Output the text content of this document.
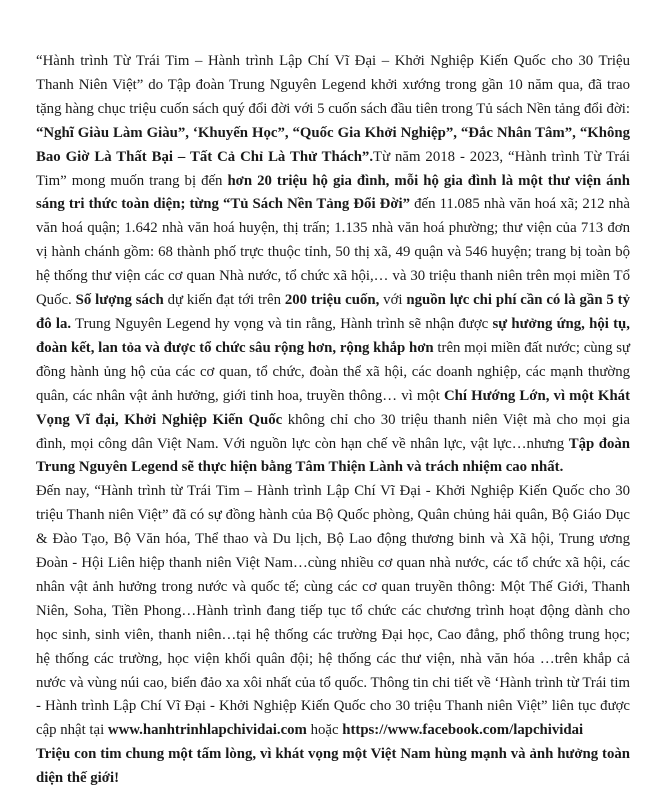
“Hành trình Từ Trái Tim – Hành trình Lập Chí Vĩ Đại – Khởi Nghiệp Kiến Quốc cho 30 Triệu Thanh Niên Việt” do Tập đoàn Trung Nguyên Legend khởi xướng trong gần 10 năm qua, đã trao tặng hàng chục triệu cuốn sách quý đổi đời với 5 cuốn sách đầu tiên trong Tủ sách Nền tảng đổi đời: “Nghĩ Giàu Làm Giàu”, ‘Khuyến Học”, “Quốc Gia Khởi Nghiệp”, “Đắc Nhân Tâm”, “Không Bao Giờ Là Thất Bại – Tất Cả Chỉ Là Thử Thách”.Từ năm 2018 - 2023, “Hành trình Từ Trái Tim” mong muốn trang bị đến hơn 20 triệu hộ gia đình, mỗi hộ gia đình là một thư viện ánh sáng tri thức toàn diện; từng “Tủ Sách Nền Tảng Đổi Đời” đến 11.085 nhà văn hoá xã; 212 nhà văn hoá quận; 1.642 nhà văn hoá huyện, thị trấn; 1.135 nhà văn hoá phường; thư viện của 713 đơn vị hành chánh gồm: 68 thành phố trực thuộc tỉnh, 50 thị xã, 49 quận và 546 huyện; trang bị toàn bộ hệ thống thư viện các cơ quan Nhà nước, tổ chức xã hội,… và 30 triệu thanh niên trên mọi miền Tổ Quốc. Số lượng sách dự kiến đạt tới trên 200 triệu cuốn, với nguồn lực chi phí cần có là gần 5 tỷ đô la. Trung Nguyên Legend hy vọng và tin rằng, Hành trình sẽ nhận được sự hưởng ứng, hội tụ, đoàn kết, lan tỏa và được tổ chức sâu rộng hơn, rộng khắp hơn trên mọi miền đất nước; cùng sự đồng hành ủng hộ của các cơ quan, tổ chức, đoàn thể xã hội, các doanh nghiệp, các mạnh thường quân, các nhân vật ảnh hưởng, giới tinh hoa, truyền thông… vì một Chí Hướng Lớn, vì một Khát Vọng Vĩ đại, Khởi Nghiệp Kiến Quốc không chỉ cho 30 triệu thanh niên Việt mà cho mọi gia đình, mọi công dân Việt Nam. Với nguồn lực còn hạn chế về nhân lực, vật lực…nhưng Tập đoàn Trung Nguyên Legend sẽ thực hiện bằng Tâm Thiện Lành và trách nhiệm cao nhất.

Đến nay, “Hành trình từ Trái Tim – Hành trình Lập Chí Vĩ Đại - Khởi Nghiệp Kiến Quốc cho 30 triệu Thanh niên Việt” đã có sự đồng hành của Bộ Quốc phòng, Quân chủng hải quân, Bộ Giáo Dục & Đào Tạo, Bộ Văn hóa, Thể thao và Du lịch, Bộ Lao động thương binh và Xã hội, Trung ương Đoàn - Hội Liên hiệp thanh niên Việt Nam…cùng nhiều cơ quan nhà nước, các tổ chức xã hội, các nhân vật ảnh hưởng trong nước và quốc tế; cùng các cơ quan truyền thông: Một Thế Giới, Thanh Niên, Soha, Tiền Phong…Hành trình đang tiếp tục tổ chức các chương trình hoạt động dành cho học sinh, sinh viên, thanh niên…tại hệ thống các trường Đại học, Cao đẳng, phổ thông trung học; hệ thống các trường, học viện khối quân đội; hệ thống các thư viện, nhà văn hóa …trên khắp cả nước và vùng núi cao, biển đảo xa xôi nhất của tổ quốc. Thông tin chi tiết về ‘Hành trình từ Trái tim - Hành trình Lập Chí Vĩ Đại - Khởi Nghiệp Kiến Quốc cho 30 triệu Thanh niên Việt” liên tục được cập nhật tại www.hanhtrinhlapchividai.com hoặc https://www.facebook.com/lapchividai

Triệu con tim chung một tấm lòng, vì khát vọng một Việt Nam hùng mạnh và ảnh hưởng toàn diện thế giới!
